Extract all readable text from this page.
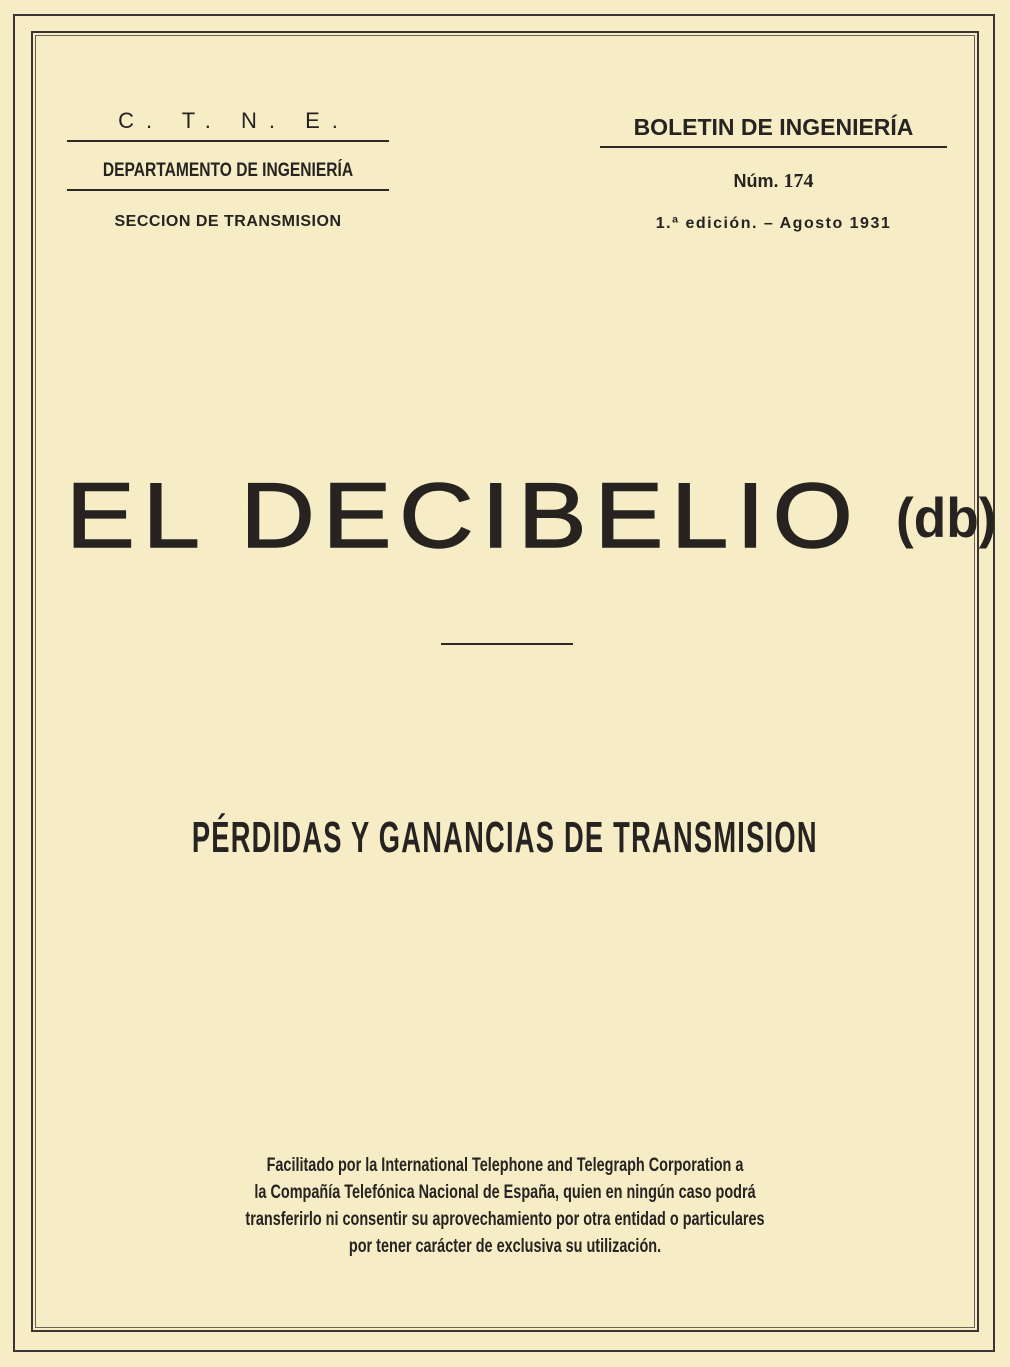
C. T. N. E.
DEPARTAMENTO DE INGENIERÍA
SECCION DE TRANSMISION
BOLETIN DE INGENIERÍA
Núm. 174
1.ª edición. – Agosto 1931
EL DECIBELIO (db)
PÉRDIDAS Y GANANCIAS DE TRANSMISION
Facilitado por la International Telephone and Telegraph Corporation a
la Compañía Telefónica Nacional de España, quien en ningún caso podrá
transferirlo ni consentir su aprovechamiento por otra entidad o particulares
por tener carácter de exclusiva su utilización.
